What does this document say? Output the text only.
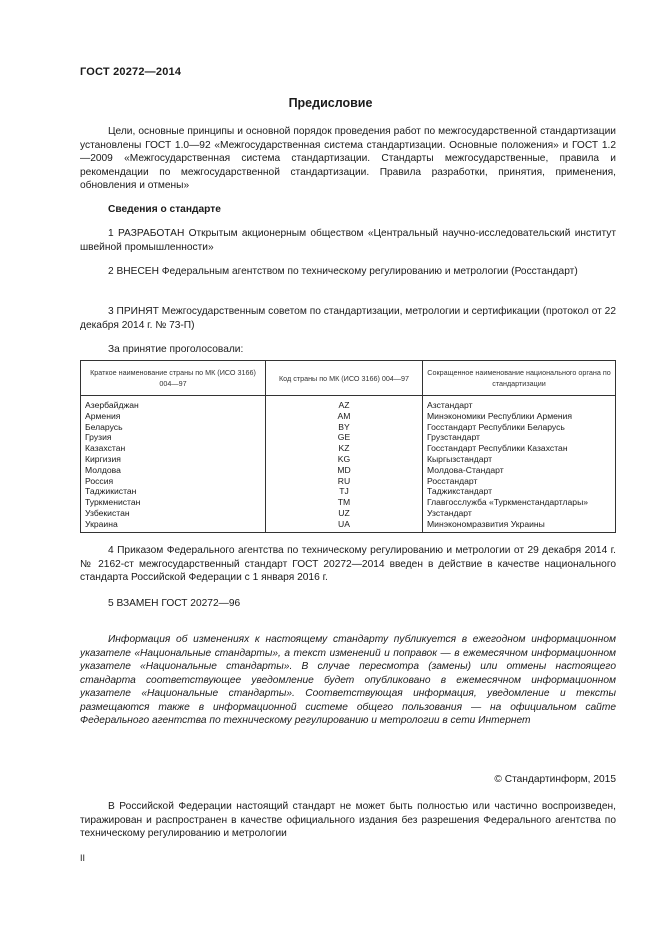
ГОСТ 20272—2014
Предисловие
Цели, основные принципы и основной порядок проведения работ по межгосударственной стандартизации установлены ГОСТ 1.0—92 «Межгосударственная система стандартизации. Основные положения» и ГОСТ 1.2—2009 «Межгосударственная система стандартизации. Стандарты межгосударственные, правила и рекомендации по межгосударственной стандартизации. Правила разработки, принятия, применения, обновления и отмены»
Сведения о стандарте
1 РАЗРАБОТАН Открытым акционерным обществом «Центральный научно-исследовательский институт швейной промышленности»
2 ВНЕСЕН Федеральным агентством по техническому регулированию и метрологии (Росстандарт)
3 ПРИНЯТ Межгосударственным советом по стандартизации, метрологии и сертификации (протокол от 22 декабря 2014 г. № 73-П)
За принятие проголосовали:
Краткое наименование страны по МК (ИСО 3166) 004—97	Код страны по МК (ИСО 3166) 004—97	Сокращенное наименование национального органа по стандартизации
Азербайджан	AZ	Азстандарт
Армения	AM	Минэкономики Республики Армения
Беларусь	BY	Госстандарт Республики Беларусь
Грузия	GE	Грузстандарт
Казахстан	KZ	Госстандарт Республики Казахстан
Киргизия	KG	Кыргызстандарт
Молдова	MD	Молдова-Стандарт
Россия	RU	Росстандарт
Таджикистан	TJ	Таджикстандарт
Туркменистан	TM	Главгосслужба «Туркменстандартлары»
Узбекистан	UZ	Узстандарт
Украина	UA	Минэкономразвития Украины
4 Приказом Федерального агентства по техническому регулированию и метрологии от 29 декабря 2014 г. № 2162-ст межгосударственный стандарт ГОСТ 20272—2014 введен в действие в качестве национального стандарта Российской Федерации с 1 января 2016 г.
5 ВЗАМЕН ГОСТ 20272—96
Информация об изменениях к настоящему стандарту публикуется в ежегодном информационном указателе «Национальные стандарты», а текст изменений и поправок — в ежемесячном информационном указателе «Национальные стандарты». В случае пересмотра (замены) или отмены настоящего стандарта соответствующее уведомление будет опубликовано в ежемесячном информационном указателе «Национальные стандарты». Соответствующая информация, уведомление и тексты размещаются также в информационной системе общего пользования — на официальном сайте Федерального агентства по техническому регулированию и метрологии в сети Интернет
© Стандартинформ, 2015
В Российской Федерации настоящий стандарт не может быть полностью или частично воспроизведен, тиражирован и распространен в качестве официального издания без разрешения Федерального агентства по техническому регулированию и метрологии
II
